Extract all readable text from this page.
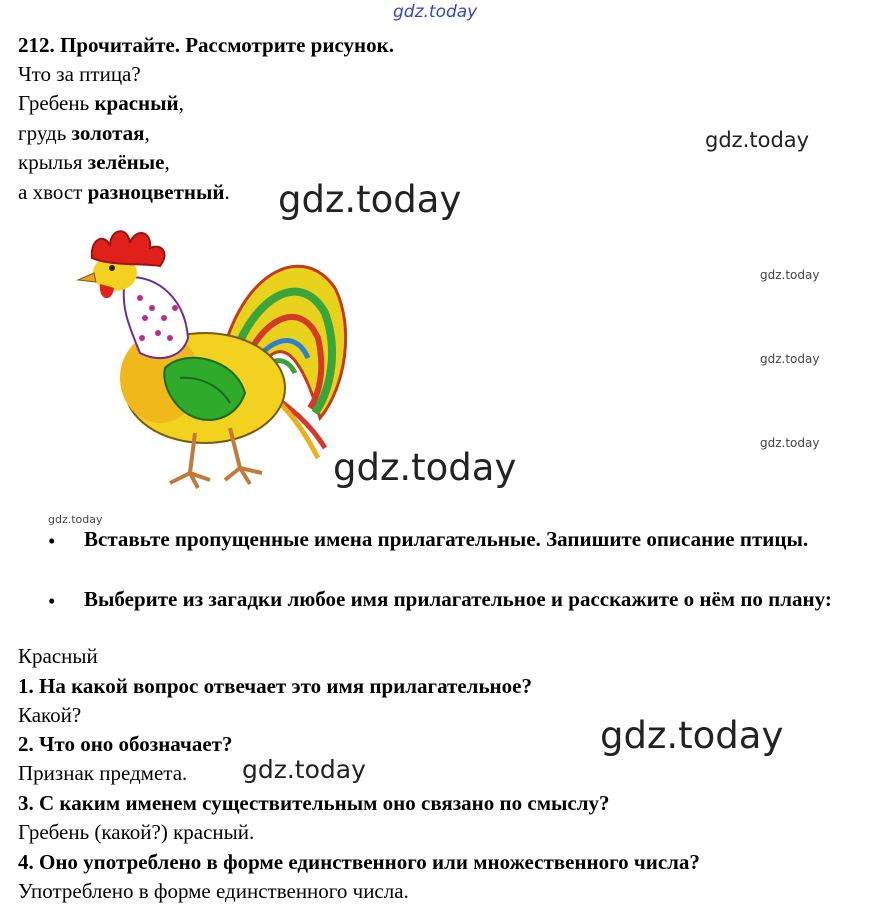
gdz.today
gdz.today
gdz.today
gdz.today
gdz.today
gdz.today
gdz.today
gdz.today
gdz.today
gdz.today
212. Прочитайте. Рассмотрите рисунок.
Что за птица?
Гребень красный,
грудь золотая,
крылья зелёные,
а хвост разноцветный.
• Вставьте пропущенные имена прилагательные. Запишите описание птицы.
• Выберите из загадки любое имя прилагательное и расскажите о нём по плану:
Красный
1. На какой вопрос отвечает это имя прилагательное?
Какой?
2. Что оно обозначает?
Признак предмета.
3. С каким именем существительным оно связано по смыслу?
Гребень (какой?) красный.
4. Оно употреблено в форме единственного или множественного числа?
Употреблено в форме единственного числа.
